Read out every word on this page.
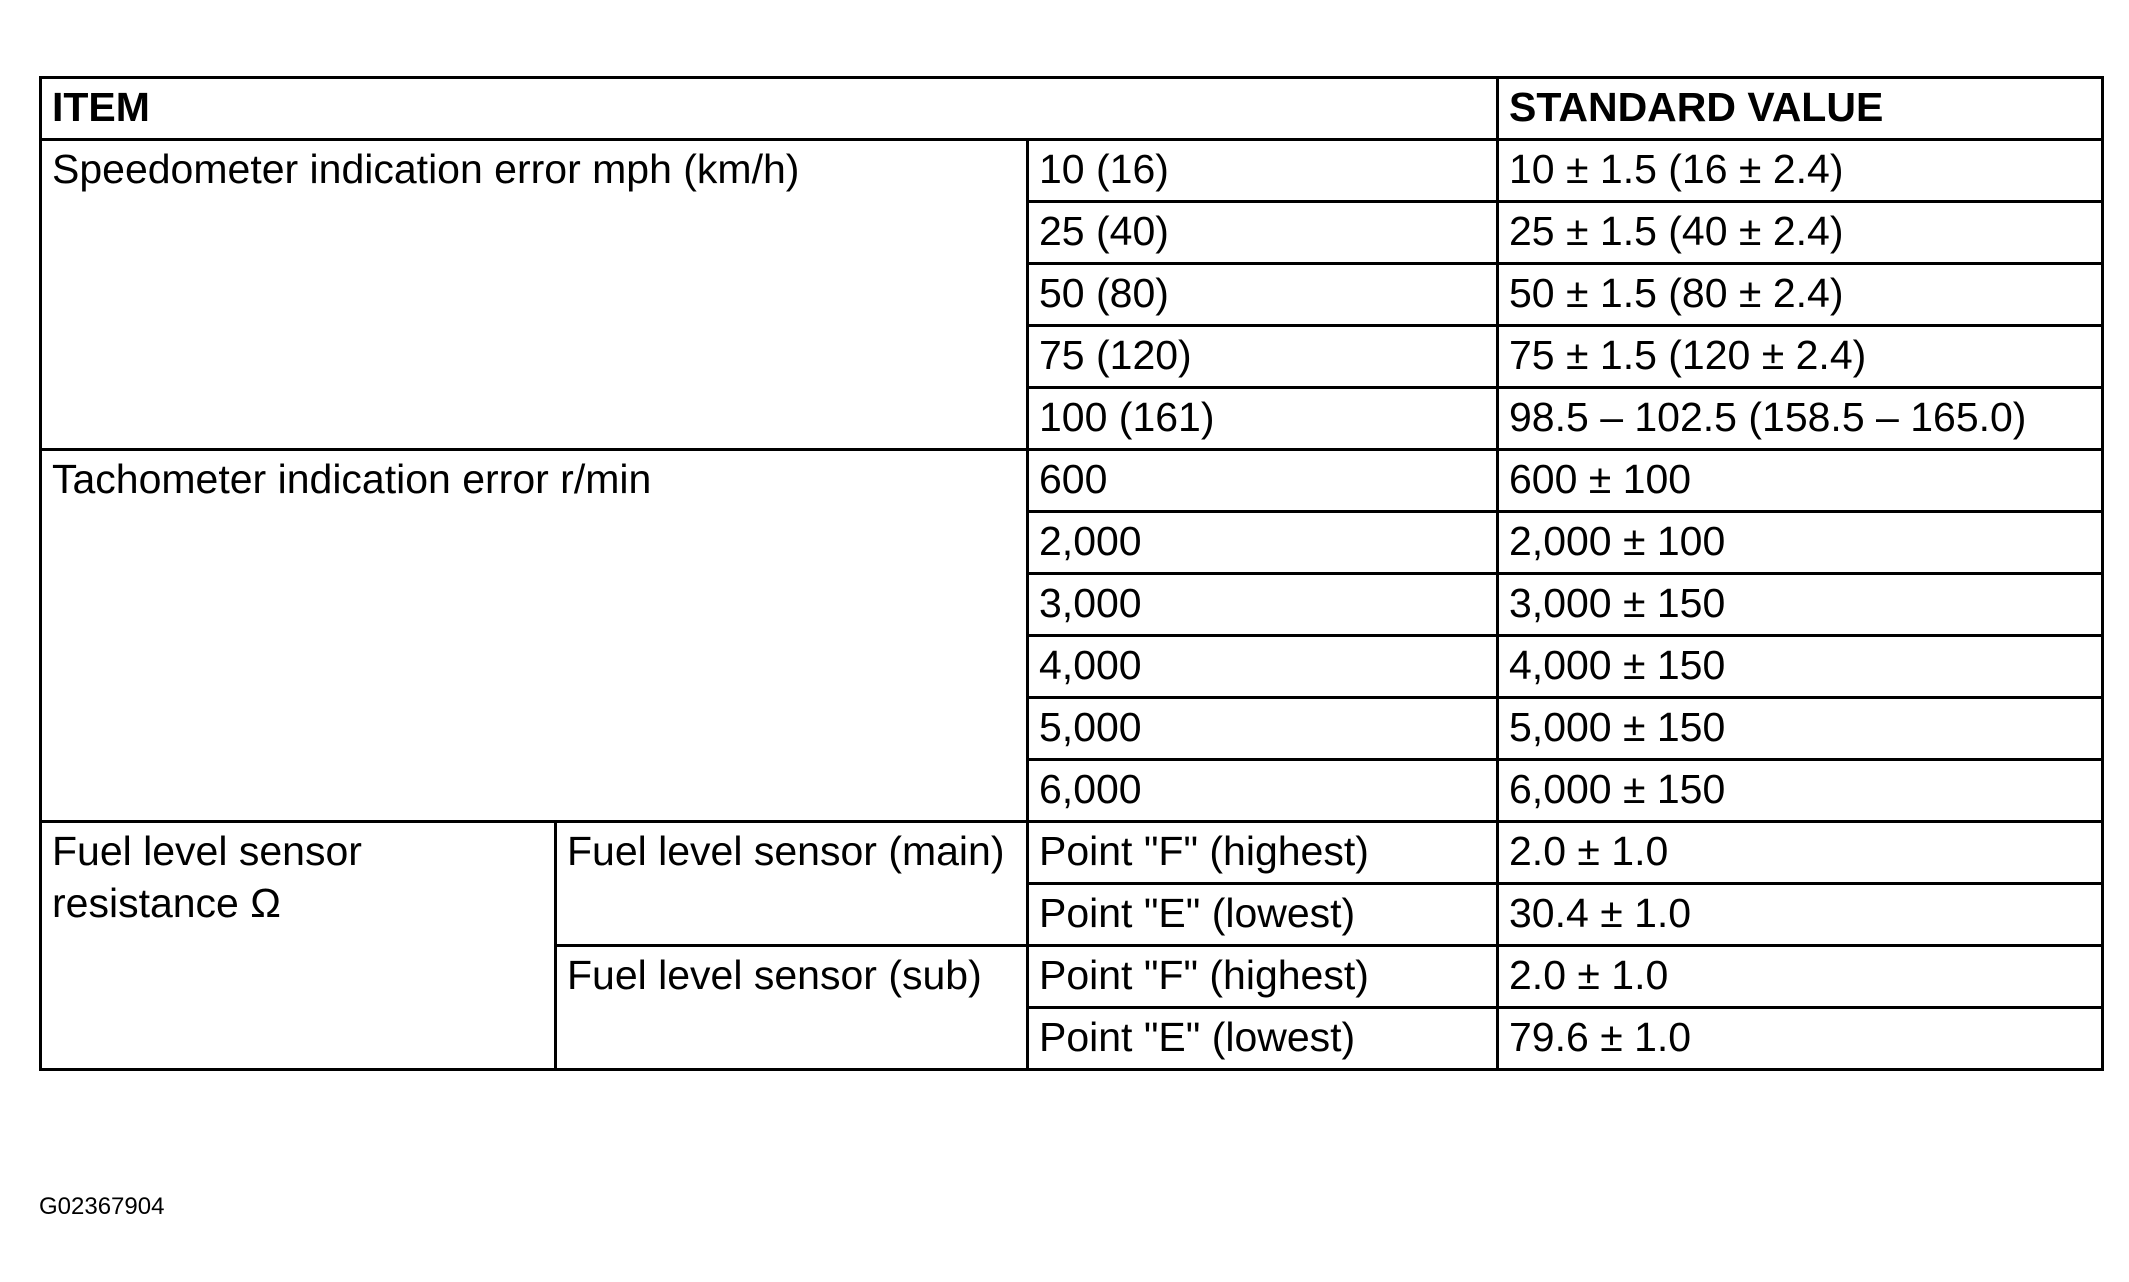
ITEM			STANDARD VALUE
Speedometer indication error mph (km/h)		10 (16)	10 ± 1.5 (16 ± 2.4)
		25 (40)	25 ± 1.5 (40 ± 2.4)
		50 (80)	50 ± 1.5 (80 ± 2.4)
		75 (120)	75 ± 1.5 (120 ± 2.4)
		100 (161)	98.5 – 102.5 (158.5 – 165.0)
Tachometer indication error r/min		600	600 ± 100
		2,000	2,000 ± 100
		3,000	3,000 ± 150
		4,000	4,000 ± 150
		5,000	5,000 ± 150
		6,000	6,000 ± 150
Fuel level sensor resistance Ω	Fuel level sensor (main)	Point "F" (highest)	2.0 ± 1.0
		Point "E" (lowest)	30.4 ± 1.0
	Fuel level sensor (sub)	Point "F" (highest)	2.0 ± 1.0
		Point "E" (lowest)	79.6 ± 1.0
G02367904
